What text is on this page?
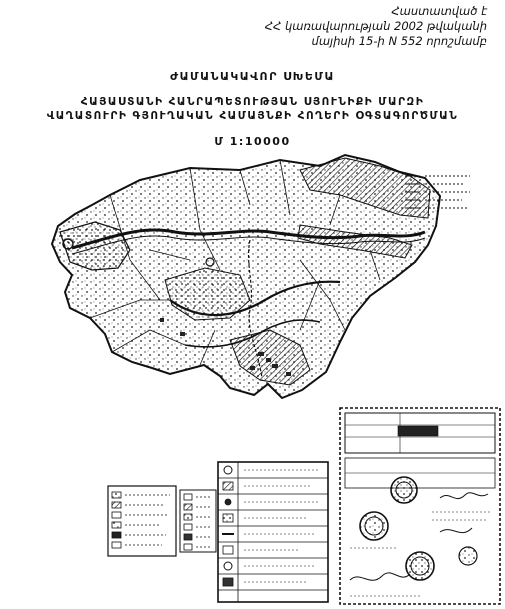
Հաստատված է
ՀՀ կառավարության 2002 թվականի
մայիսի 15-ի N 552 որոշմամբ
ԺԱՄԱՆԱԿԱՎՈՐ ՍԽԵՄԱ
ՀԱՅԱՍՏԱՆԻ ՀԱՆՐԱՊԵՏՈՒԹՅԱՆ ՍՅՈՒՆԻՔԻ ՄԱՐԶԻ
ՎԱՂԱՏՈՒՐԻ ԳՅՈՒՂԱԿԱՆ ՀԱՄԱՅՆՔԻ ՀՈՂԵՐԻ ՕԳՏԱԳՈՐԾՄԱՆ
Մ 1:10000
